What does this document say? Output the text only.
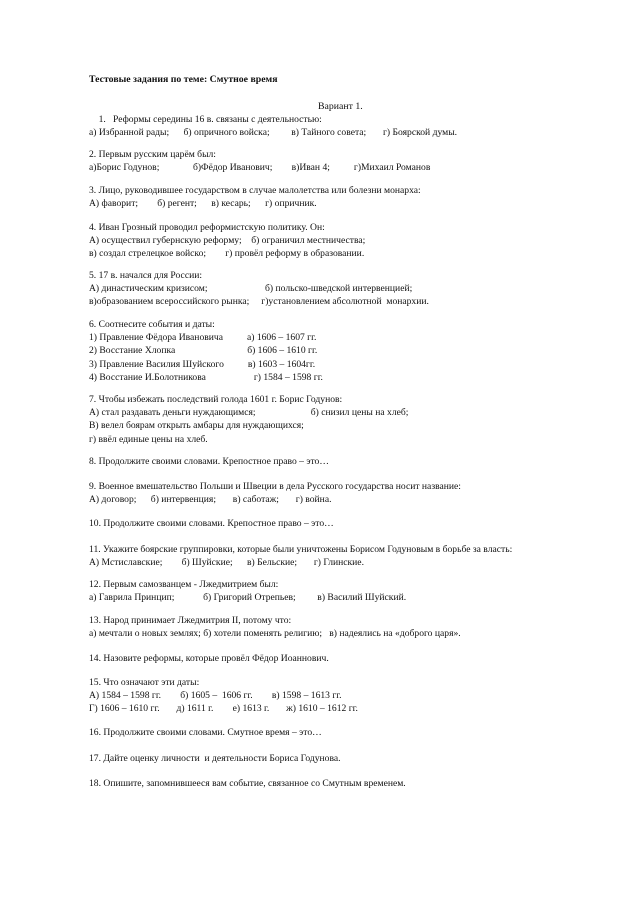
Тестовые задания по теме: Смутное время
Вариант 1.
1.   Реформы середины 16 в. связаны с деятельностью:
а) Избранной рады;      б) опричного войска;         в) Тайного совета;       г) Боярской думы.
2. Первым русским царём был:
а)Борис Годунов;              б)Фёдор Иванович;        в)Иван 4;          г)Михаил Романов
3. Лицо, руководившее государством в случае малолетства или болезни монарха:
А) фаворит;        б) регент;      в) кесарь;      г) опричник.
4. Иван Грозный проводил реформистскую политику. Он:
А) осуществил губернскую реформу;    б) ограничил местничества;
в) создал стрелецкое войско;        г) провёл реформу в образовании.
5. 17 в. начался для России:
А) династическим кризисом;                        б) польско-шведской интервенцией;
в)образованием всероссийского рынка;     г)установлением абсолютной  монархии.
6. Соотнесите события и даты:
1) Правление Фёдора Ивановича          а) 1606 – 1607 гг.
2) Восстание Хлопка                              б) 1606 – 1610 гг.
3) Правление Василия Шуйского          в) 1603 – 1604гг.
4) Восстание И.Болотникова                    г) 1584 – 1598 гг.
7. Чтобы избежать последствий голода 1601 г. Борис Годунов:
А) стал раздавать деньги нуждающимся;                       б) снизил цены на хлеб;
В) велел боярам открыть амбары для нуждающихся;
г) ввёл единые цены на хлеб.
8. Продолжите своими словами. Крепостное право – это…
9. Военное вмешательство Польши и Швеции в дела Русского государства носит название:
А) договор;      б) интервенция;       в) саботаж;       г) война.
10. Продолжите своими словами. Крепостное право – это…
11. Укажите боярские группировки, которые были уничтожены Борисом Годуновым в борьбе за власть:
А) Мстиславские;        б) Шуйские;      в) Бельские;       г) Глинские.
12. Первым самозванцем - Лжедмитрием был:
а) Гаврила Принцип;            б) Григорий Отрепьев;         в) Василий Шуйский.
13. Народ принимает Лжедмитрия II, потому что:
а) мечтали о новых землях; б) хотели поменять религию;   в) надеялись на «доброго царя».
14. Назовите реформы, которые провёл Фёдор Иоаннович.
15. Что означают эти даты:
А) 1584 – 1598 гг.        б) 1605 –  1606 гг.        в) 1598 – 1613 гг.
Г) 1606 – 1610 гг.       д) 1611 г.        е) 1613 г.       ж) 1610 – 1612 гг.
16. Продолжите своими словами. Смутное время – это…
17. Дайте оценку личности  и деятельности Бориса Годунова.
18. Опишите, запомнившееся вам событие, связанное со Смутным временем.
